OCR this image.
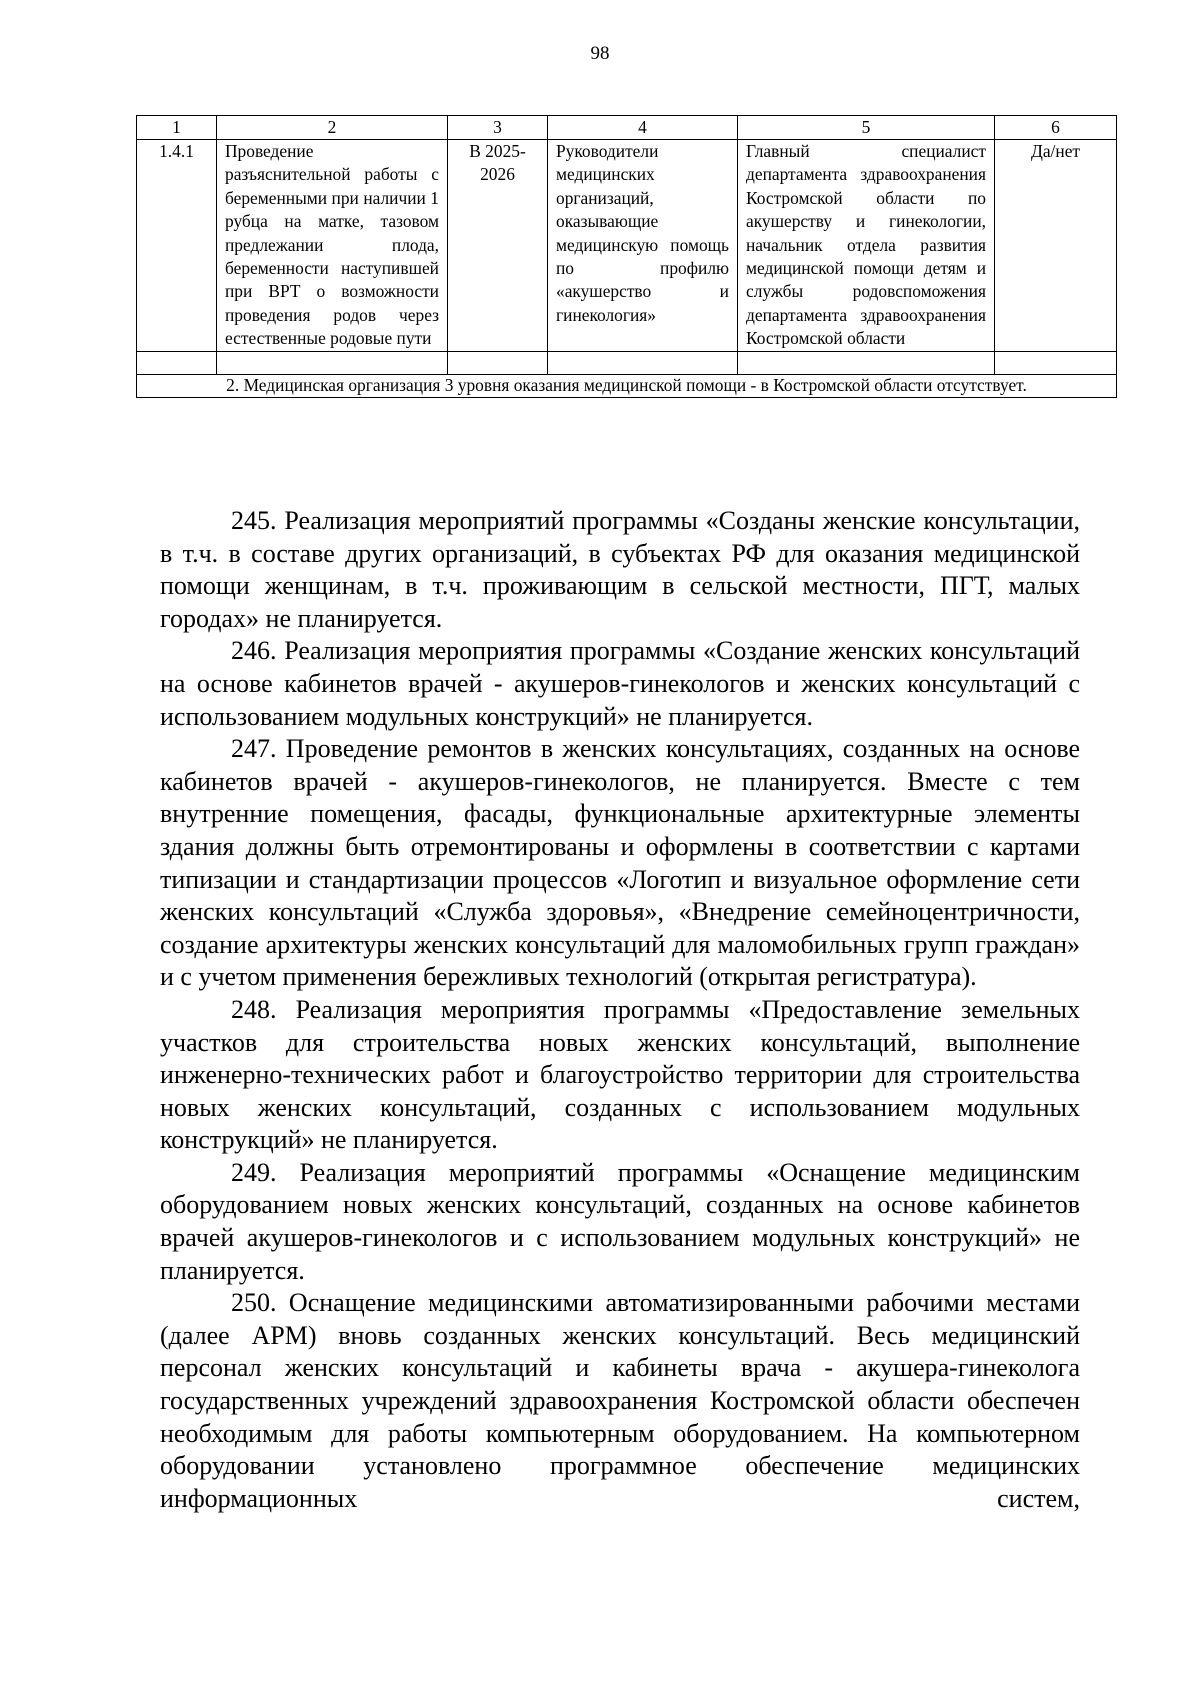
98
1	2	3	4	5	6
1.4.1	Проведение разъяснительной работы с беременными при наличии 1 рубца на матке, тазовом предлежании плода, беременности наступившей при ВРТ о возможности проведения родов через естественные родовые пути	В 2025-2026	Руководители медицинских организаций, оказывающие медицинскую помощь по профилю «акушерство и гинекология»	Главный специалист департамента здравоохранения Костромской области по акушерству и гинекологии, начальник отдела развития медицинской помощи детям и службы родовспоможения департамента здравоохранения Костромской области	Да/нет

2. Медицинская организация 3 уровня оказания медицинской помощи - в Костромской области отсутствует.					

245. Реализация мероприятий программы «Созданы женские консультации, в т.ч. в составе других организаций, в субъектах РФ для оказания медицинской помощи женщинам, в т.ч. проживающим в сельской местности, ПГТ, малых городах» не планируется.

246. Реализация мероприятия программы «Создание женских консультаций на основе кабинетов врачей - акушеров-гинекологов и женских консультаций с использованием модульных конструкций» не планируется.

247. Проведение ремонтов в женских консультациях, созданных на основе кабинетов врачей - акушеров-гинекологов, не планируется. Вместе с тем внутренние помещения, фасады, функциональные архитектурные элементы здания должны быть отремонтированы и оформлены в соответствии с картами типизации и стандартизации процессов «Логотип и визуальное оформление сети женских консультаций «Служба здоровья», «Внедрение семейноцентричности, создание архитектуры женских консультаций для маломобильных групп граждан» и с учетом применения бережливых технологий (открытая регистратура).

248. Реализация мероприятия программы «Предоставление земельных участков для строительства новых женских консультаций, выполнение инженерно-технических работ и благоустройство территории для строительства новых женских консультаций, созданных с использованием модульных конструкций» не планируется.

249. Реализация мероприятий программы «Оснащение медицинским оборудованием новых женских консультаций, созданных на основе кабинетов врачей акушеров-гинекологов и с использованием модульных конструкций» не планируется.

250. Оснащение медицинскими автоматизированными рабочими местами (далее АРМ) вновь созданных женских консультаций. Весь медицинский персонал женских консультаций и кабинеты врача - акушера-гинеколога государственных учреждений здравоохранения Костромской области обеспечен необходимым для работы компьютерным оборудованием. На компьютерном оборудовании установлено программное обеспечение медицинских информационных систем,
